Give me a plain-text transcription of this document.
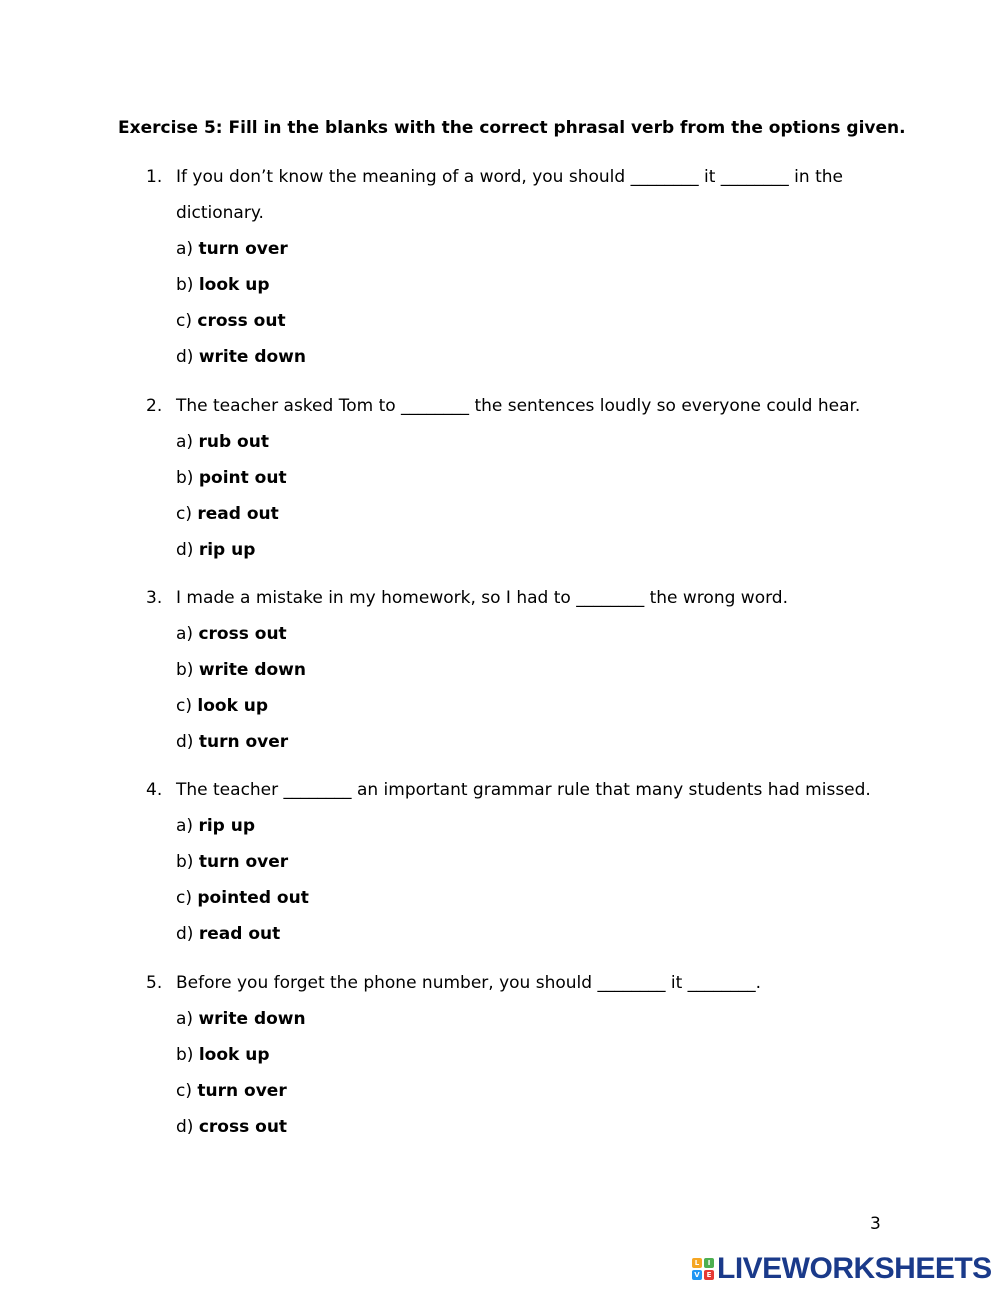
Exercise 5: Fill in the blanks with the correct phrasal verb from the options given.
1. If you don’t know the meaning of a word, you should ________ it ________ in the
dictionary.
a) turn over
b) look up
c) cross out
d) write down
2. The teacher asked Tom to ________ the sentences loudly so everyone could hear.
a) rub out
b) point out
c) read out
d) rip up
3. I made a mistake in my homework, so I had to ________ the wrong word.
a) cross out
b) write down
c) look up
d) turn over
4. The teacher ________ an important grammar rule that many students had missed.
a) rip up
b) turn over
c) pointed out
d) read out
5. Before you forget the phone number, you should ________ it ________.
a) write down
b) look up
c) turn over
d) cross out
3
L	I
V E LIVEWORKSHEETS
